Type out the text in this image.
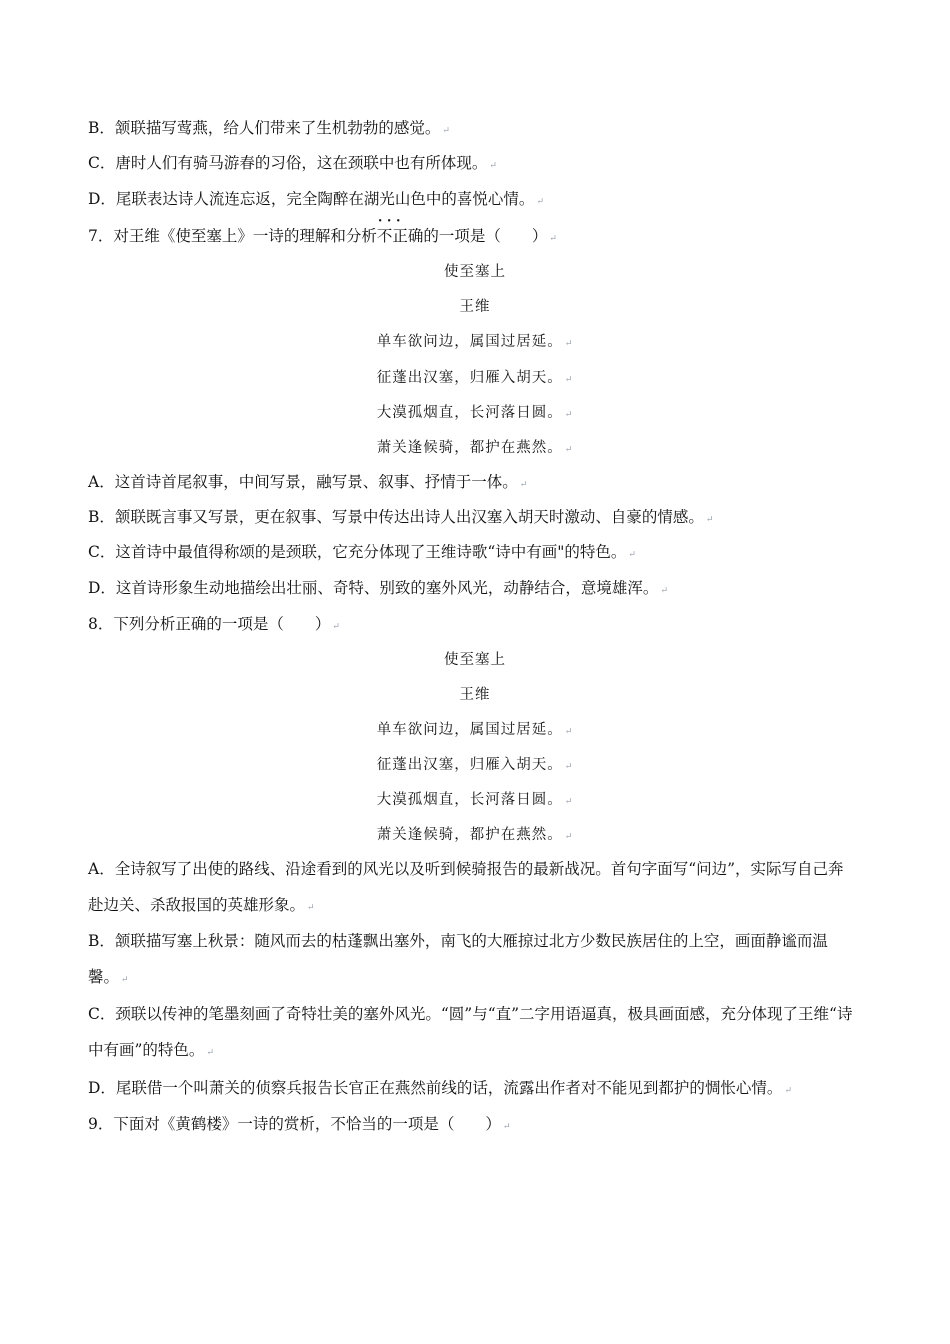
B．颔联描写莺燕，给人们带来了生机勃勃的感觉。 ↵
C．唐时人们有骑马游春的习俗，这在颈联中也有所体现。 ↵
D．尾联表达诗人流连忘返，完全陶醉在湖光山色中的喜悦心情。 ↵
7．对王维《使至塞上》一诗的理解和分析· · · 不正确的一项是（　　） ↵
使至塞上
王维
单车欲问边，属国过居延。 ↵
征蓬出汉塞，归雁入胡天。 ↵
大漠孤烟直，长河落日圆。 ↵
萧关逢候骑，都护在燕然。 ↵
A．这首诗首尾叙事，中间写景，融写景、叙事、抒情于一体。 ↵
B．颔联既言事又写景，更在叙事、写景中传达出诗人出汉塞入胡天时激动、自豪的情感。 ↵
C．这首诗中最值得称颂的是颈联，它充分体现了王维诗歌“诗中有画"的特色。 ↵
D．这首诗形象生动地描绘出壮丽、奇特、别致的塞外风光，动静结合，意境雄浑。 ↵
8．下列分析正确的一项是（　　） ↵
使至塞上
王维
单车欲问边，属国过居延。 ↵
征蓬出汉塞，归雁入胡天。 ↵
大漠孤烟直，长河落日圆。 ↵
萧关逢候骑，都护在燕然。 ↵
A．全诗叙写了出使的路线、沿途看到的风光以及听到候骑报告的最新战况。首句字面写“问边”，实际写自己奔赴边关、杀敌报国的英雄形象。 ↵
B．颔联描写塞上秋景：随风而去的枯蓬飘出塞外，南飞的大雁掠过北方少数民族居住的上空，画面静谧而温馨。 ↵
C．颈联以传神的笔墨刻画了奇特壮美的塞外风光。“圆”与“直”二字用语逼真，极具画面感，充分体现了王维“诗中有画”的特色。 ↵
D．尾联借一个叫萧关的侦察兵报告长官正在燕然前线的话，流露出作者对不能见到都护的惆怅心情。 ↵
9．下面对《黄鹤楼》一诗的赏析，不恰当的一项是（　　） ↵
